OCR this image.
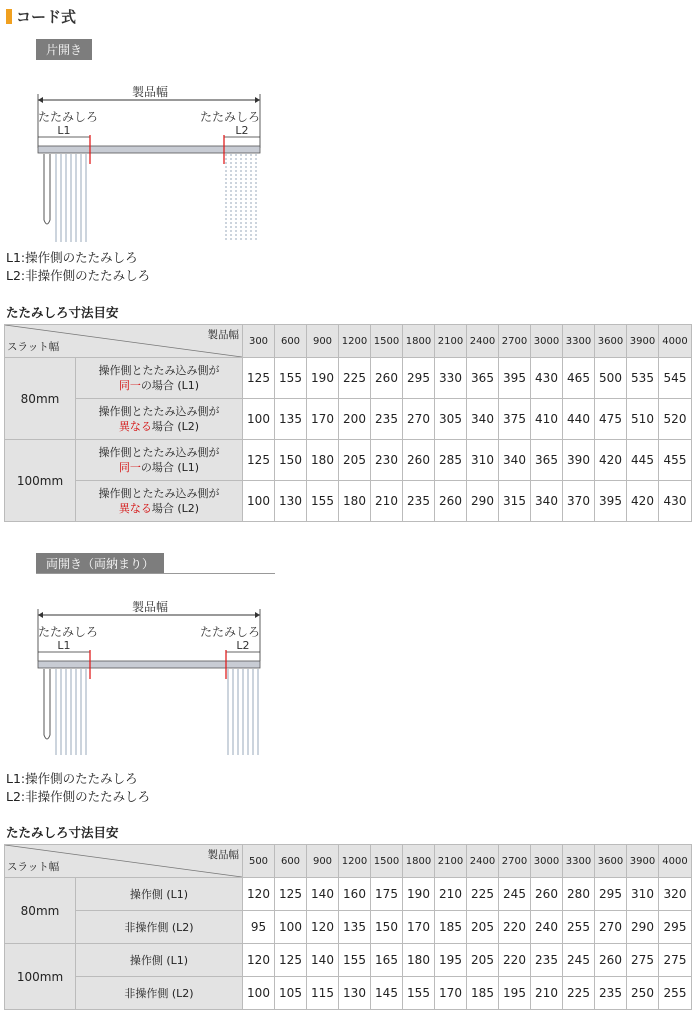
コード式
片開き
製品幅
たたみしろ	たたみしろ
L1	L2
L1:操作側のたたみしろ
L2:非操作側のたたみしろ
たたみしろ寸法目安
製品幅
スラット幅		300	600	900	1200	1500	1800	2100	2400	2700	3000	3300	3600	3900	4000
80mm	操作側とたたみ込み側が
同一の場合 (L1)	125	155	190	225	260	295	330	365	395	430	465	500	535	545
	操作側とたたみ込み側が
異なる場合 (L2)	100	135	170	200	235	270	305	340	375	410	440	475	510	520
100mm	操作側とたたみ込み側が
同一の場合 (L1)	125	150	180	205	230	260	285	310	340	365	390	420	445	455
	操作側とたたみ込み側が
異なる場合 (L2)	100	130	155	180	210	235	260	290	315	340	370	395	420	430
両開き（両納まり）
製品幅
たたみしろ	たたみしろ
L1	L2
L1:操作側のたたみしろ
L2:非操作側のたたみしろ
たたみしろ寸法目安
製品幅
スラット幅		500	600	900	1200	1500	1800	2100	2400	2700	3000	3300	3600	3900	4000
80mm	操作側 (L1)	120	125	140	160	175	190	210	225	245	260	280	295	310	320
	非操作側 (L2)	95	100	120	135	150	170	185	205	220	240	255	270	290	295
100mm	操作側 (L1)	120	125	140	155	165	180	195	205	220	235	245	260	275	275
	非操作側 (L2)	100	105	115	130	145	155	170	185	195	210	225	235	250	255
